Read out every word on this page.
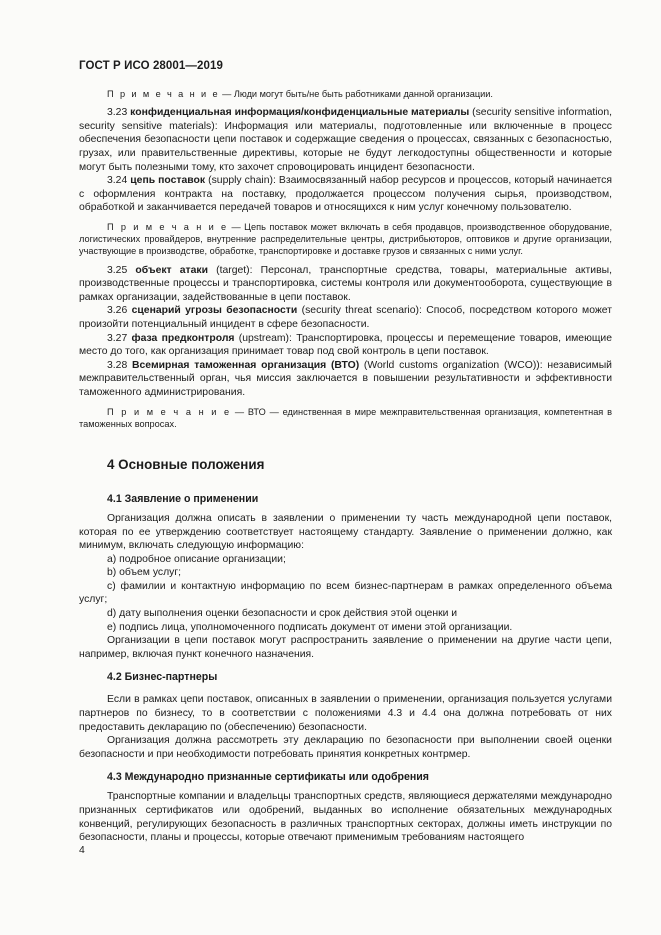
ГОСТ Р ИСО 28001—2019

П р и м е ч а н и е — Люди могут быть/не быть работниками данной организации.

3.23 конфиденциальная информация/конфиденциальные материалы (security sensitive information, security sensitive materials): Информация или материалы, подготовленные или включенные в процесс обеспечения безопасности цепи поставок и содержащие сведения о процессах, связанных с безопасностью, грузах, или правительственные директивы, которые не будут легкодоступны общественности и которые могут быть полезными тому, кто захочет спровоцировать инцидент безопасности.

3.24 цепь поставок (supply chain): Взаимосвязанный набор ресурсов и процессов, который начинается с оформления контракта на поставку, продолжается процессом получения сырья, производством, обработкой и заканчивается передачей товаров и относящихся к ним услуг конечному пользователю.

П р и м е ч а н и е — Цепь поставок может включать в себя продавцов, производственное оборудование, логистических провайдеров, внутренние распределительные центры, дистрибьюторов, оптовиков и другие организации, участвующие в производстве, обработке, транспортировке и доставке грузов и связанных с ними услуг.

3.25 объект атаки (target): Персонал, транспортные средства, товары, материальные активы, производственные процессы и транспортировка, системы контроля или документооборота, существующие в рамках организации, задействованные в цепи поставок.

3.26 сценарий угрозы безопасности (security threat scenario): Способ, посредством которого может произойти потенциальный инцидент в сфере безопасности.

3.27 фаза предконтроля (upstream): Транспортировка, процессы и перемещение товаров, имеющие место до того, как организация принимает товар под свой контроль в цепи поставок.

3.28 Всемирная таможенная организация (ВТО) (World customs organization (WCO)): независимый межправительственный орган, чья миссия заключается в повышении результативности и эффективности таможенного администрирования.

П р и м е ч а н и е — ВТО — единственная в мире межправительственная организация, компетентная в таможенных вопросах.

4 Основные положения

4.1 Заявление о применении

Организация должна описать в заявлении о применении ту часть международной цепи поставок, которая по ее утверждению соответствует настоящему стандарту. Заявление о применении должно, как минимум, включать следующую информацию:

а) подробное описание организации;

b) объем услуг;

с) фамилии и контактную информацию по всем бизнес-партнерам в рамках определенного объема услуг;

d) дату выполнения оценки безопасности и срок действия этой оценки и

е) подпись лица, уполномоченного подписать документ от имени этой организации.

Организации в цепи поставок могут распространить заявление о применении на другие части цепи, например, включая пункт конечного назначения.

4.2 Бизнес-партнеры

Если в рамках цепи поставок, описанных в заявлении о применении, организация пользуется услугами партнеров по бизнесу, то в соответствии с положениями 4.3 и 4.4 она должна потребовать от них предоставить декларацию по (обеспечению) безопасности.

Организация должна рассмотреть эту декларацию по безопасности при выполнении своей оценки безопасности и при необходимости потребовать принятия конкретных контрмер.

4.3 Международно признанные сертификаты или одобрения

Транспортные компании и владельцы транспортных средств, являющиеся держателями международно признанных сертификатов или одобрений, выданных во исполнение обязательных международных конвенций, регулирующих безопасность в различных транспортных секторах, должны иметь инструкции по безопасности, планы и процессы, которые отвечают применимым требованиям настоящего

4
